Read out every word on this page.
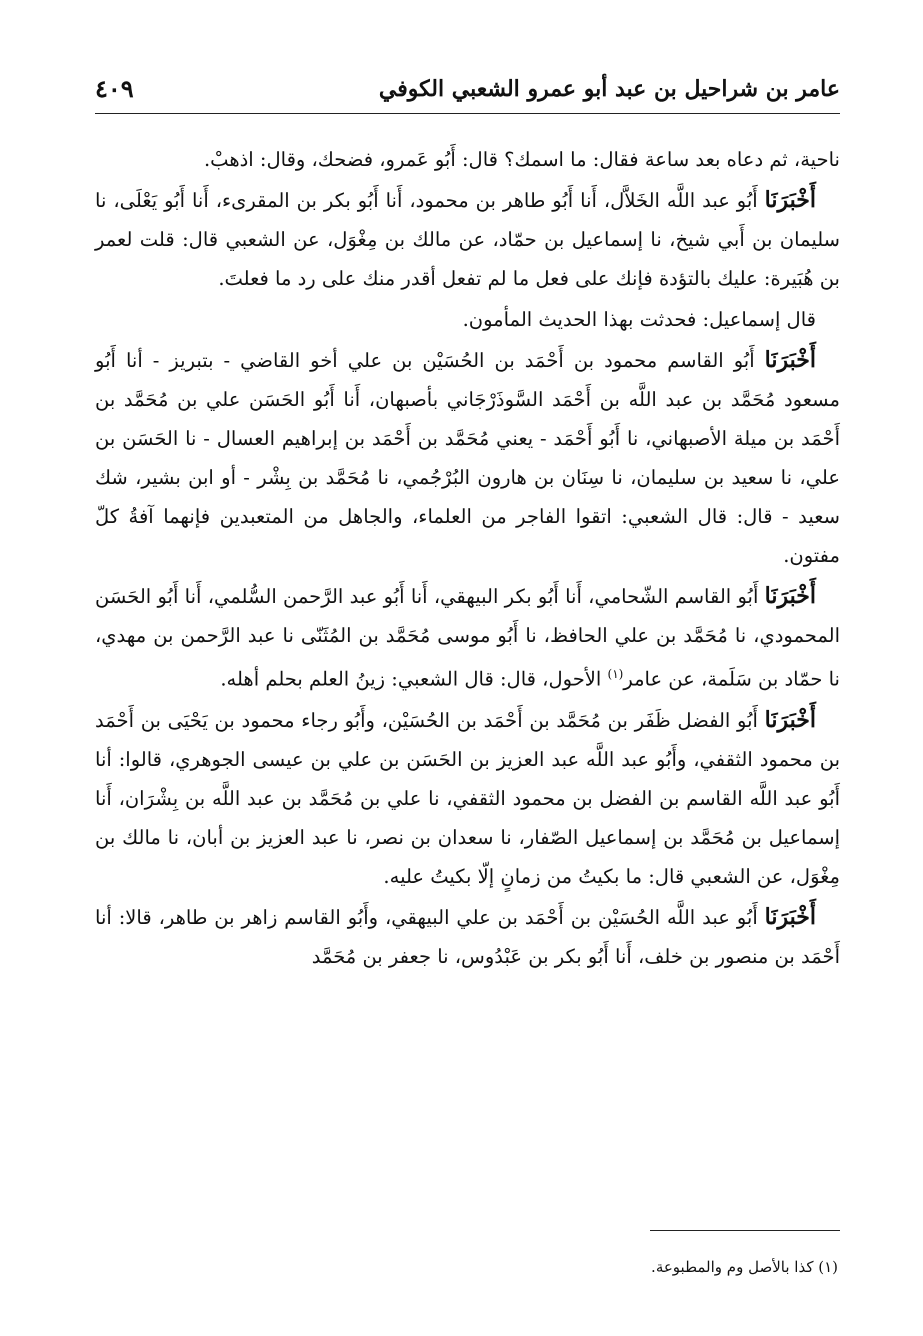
عامر بن شراحيل بن عبد أبو عمرو الشعبي الكوفي
٤٠٩

ناحية، ثم دعاه بعد ساعة فقال: ما اسمك؟ قال: أَبُو عَمرو، فضحك، وقال: اذهبْ.

أَخْبَرَنَا أَبُو عبد اللَّه الخَلاَّل، أَنا أَبُو طاهر بن محمود، أَنا أَبُو بكر بن المقرىء، أَنا أَبُو يَعْلَى، نا سليمان بن أَبي شيخ، نا إسماعيل بن حمّاد، عن مالك بن مِغْوَل، عن الشعبي قال: قلت لعمر بن هُبَيرة: عليك بالتؤدة فإنك على فعل ما لم تفعل أقدر منك على رد ما فعلتَ.

قال إسماعيل: فحدثت بهذا الحديث المأمون.

أَخْبَرَنَا أَبُو القاسم محمود بن أَحْمَد بن الحُسَيْن بن علي أخو القاضي - بتبريز - أنا أَبُو مسعود مُحَمَّد بن عبد اللَّه بن أَحْمَد السَّوذَرْجَاني بأصبهان، أَنا أَبُو الحَسَن علي بن مُحَمَّد بن أَحْمَد بن ميلة الأصبهاني، نا أَبُو أَحْمَد - يعني مُحَمَّد بن أَحْمَد بن إبراهيم العسال - نا الحَسَن بن علي، نا سعيد بن سليمان، نا سِنَان بن هارون البُرْجُمي، نا مُحَمَّد بن بِشْر - أو ابن بشير، شك سعيد - قال: قال الشعبي: اتقوا الفاجر من العلماء، والجاهل من المتعبدين فإنهما آفةُ كلّ مفتون.

أَخْبَرَنَا أَبُو القاسم الشّحامي، أَنا أَبُو بكر البيهقي، أَنا أَبُو عبد الرَّحمن السُّلمي، أَنا أَبُو الحَسَن المحمودي، نا مُحَمَّد بن علي الحافظ، نا أَبُو موسى مُحَمَّد بن المُثَنّى نا عبد الرَّحمن بن مهدي، نا حمّاد بن سَلَمة، عن عامر$^{(١)}$ الأحول، قال: قال الشعبي: زينُ العلم بحلم أهله.

أَخْبَرَنَا أَبُو الفضل ظَفَر بن مُحَمَّد بن أَحْمَد بن الحُسَيْن، وأَبُو رجاء محمود بن يَحْيَى بن أَحْمَد بن محمود الثقفي، وأَبُو عبد اللَّه عبد العزيز بن الحَسَن بن علي بن عيسى الجوهري، قالوا: أنا أَبُو عبد اللَّه القاسم بن الفضل بن محمود الثقفي، نا علي بن مُحَمَّد بن عبد اللَّه بن بِشْرَان، أَنا إسماعيل بن مُحَمَّد بن إسماعيل الصّفار، نا سعدان بن نصر، نا عبد العزيز بن أبان، نا مالك بن مِغْوَل، عن الشعبي قال: ما بكيتُ من زمانٍ إلّا بكيتُ عليه.

أَخْبَرَنَا أَبُو عبد اللَّه الحُسَيْن بن أَحْمَد بن علي البيهقي، وأَبُو القاسم زاهر بن طاهر، قالا: أنا أَحْمَد بن منصور بن خلف، أَنا أَبُو بكر بن عَبْدُوس، نا جعفر بن مُحَمَّد

(١) كذا بالأصل وم والمطبوعة.
